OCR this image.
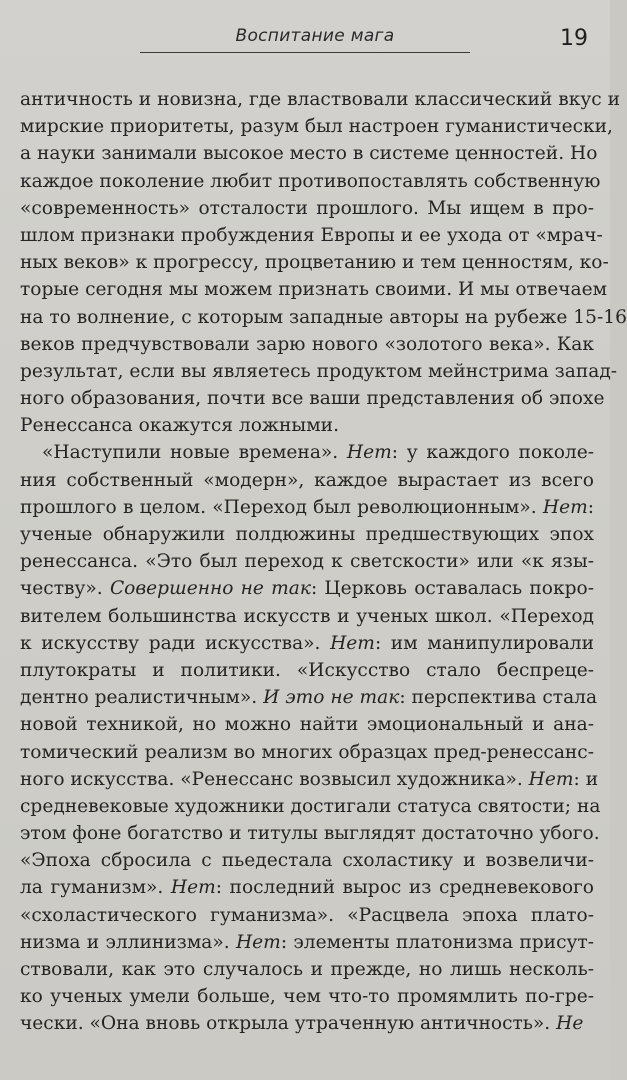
Воспитание мага	19
античность и новизна, где властвовали классический вкус и
мирские приоритеты, разум был настроен гуманистически,
а науки занимали высокое место в системе ценностей. Но
каждое поколение любит противопоставлять собственную
«современность» отсталости прошлого. Мы ищем в про-
шлом признаки пробуждения Европы и ее ухода от «мрач-
ных веков» к прогрессу, процветанию и тем ценностям, ко-
торые сегодня мы можем признать своими. И мы отвечаем
на то волнение, с которым западные авторы на рубеже 15-16
веков предчувствовали зарю нового «золотого века». Как
результат, если вы являетесь продуктом мейнстрима запад-
ного образования, почти все ваши представления об эпохе
Ренессанса окажутся ложными.
«Наступили новые времена». Нет: у каждого поколе-
ния собственный «модерн», каждое вырастает из всего
прошлого в целом. «Переход был революционным». Нет:
ученые обнаружили полдюжины предшествующих эпох
ренессанса. «Это был переход к светскости» или «к язы-
честву». Совершенно не так: Церковь оставалась покро-
вителем большинства искусств и ученых школ. «Переход
к искусству ради искусства». Нет: им манипулировали
плутократы и политики. «Искусство стало беспреце-
дентно реалистичным». И это не так: перспектива стала
новой техникой, но можно найти эмоциональный и ана-
томический реализм во многих образцах пред-ренессанс-
ного искусства. «Ренессанс возвысил художника». Нет: и
средневековые художники достигали статуса святости; на
этом фоне богатство и титулы выглядят достаточно убого.
«Эпоха сбросила с пьедестала схоластику и возвеличи-
ла гуманизм». Нет: последний вырос из средневекового
«схоластического гуманизма». «Расцвела эпоха плато-
низма и эллинизма». Нет: элементы платонизма присут-
ствовали, как это случалось и прежде, но лишь несколь-
ко ученых умели больше, чем что-то промямлить по-гре-
чески. «Она вновь открыла утраченную античность». Не
